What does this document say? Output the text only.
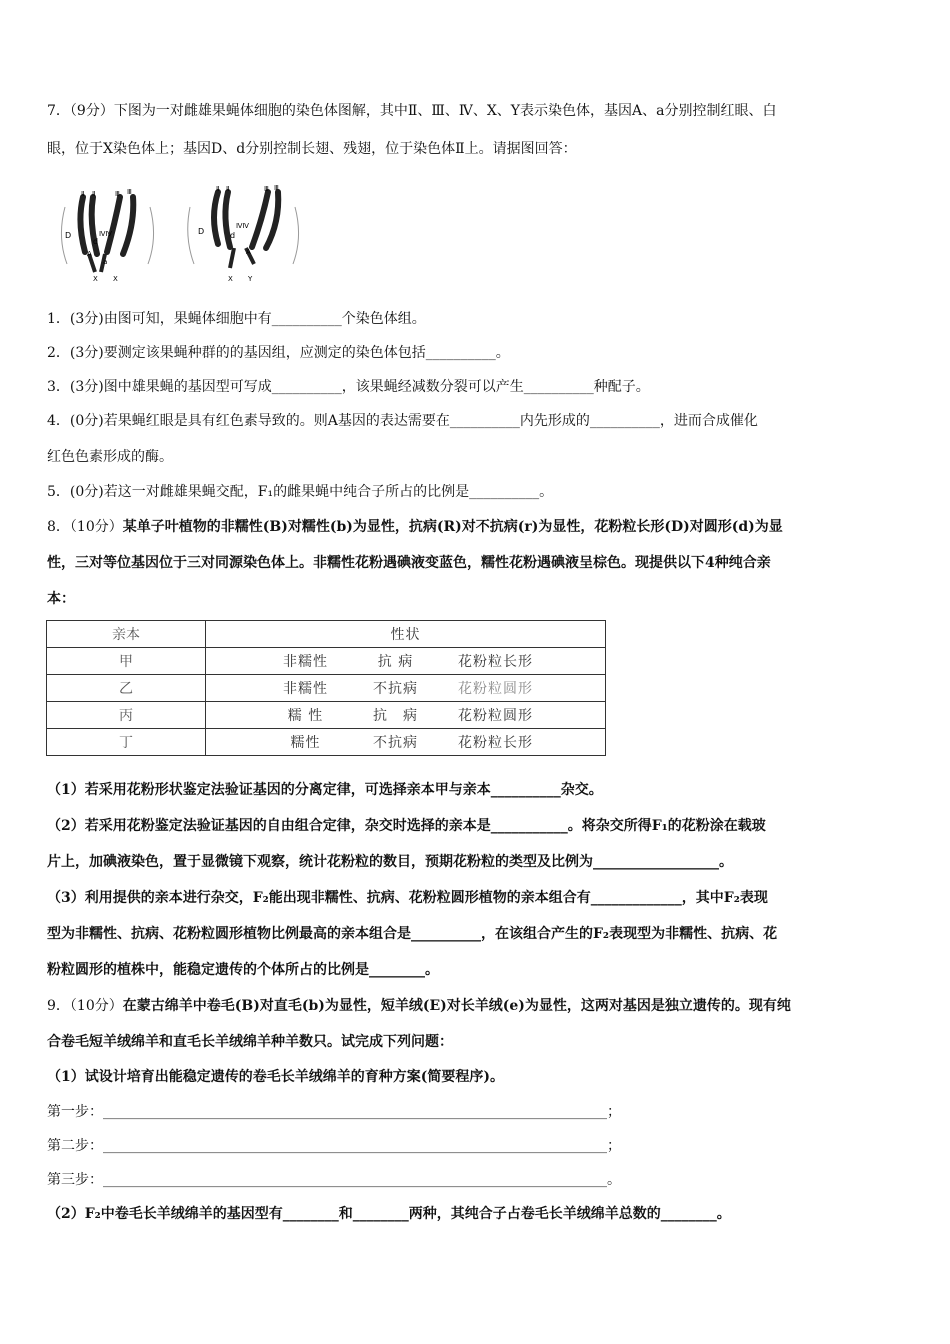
7．（9分）下图为一对雌雄果蝇体细胞的染色体图解，其中Ⅱ、Ⅲ、Ⅳ、X、Y表示染色体，基因A、a分别控制红眼、白
眼，位于X染色体上；基因D、d分别控制长翅、残翅，位于染色体Ⅱ上。请据图回答：
Ⅱ Ⅱ	Ⅲ Ⅲ
D
d
ⅣⅣ
A
a
X X
Ⅱ Ⅱ	Ⅲ Ⅲ
D	d
ⅣⅣ
A
X Y
1．(3分)由图可知，果蝇体细胞中有__________个染色体组。
2．(3分)要测定该果蝇种群的的基因组，应测定的染色体包括__________。
3．(3分)图中雄果蝇的基因型可写成__________，该果蝇经减数分裂可以产生__________种配子。
4．(0分)若果蝇红眼是具有红色素导致的。则A基因的表达需要在__________内先形成的__________，进而合成催化
红色色素形成的酶。
5．(0分)若这一对雌雄果蝇交配，F₁的雌果蝇中纯合子所占的比例是__________。
8．（10分）某单子叶植物的非糯性(B)对糯性(b)为显性，抗病(R)对不抗病(r)为显性，花粉粒长形(D)对圆形(d)为显
性，三对等位基因位于三对同源染色体上。非糯性花粉遇碘液变蓝色，糯性花粉遇碘液呈棕色。现提供以下4种纯合亲
本：
亲本	性状
甲	非糯性 抗 病 花粉粒长形
乙	非糯性 不抗病 花粉粒圆形
丙	糯 性 抗　病 花粉粒圆形
丁	糯性 不抗病 花粉粒长形
（1）若采用花粉形状鉴定法验证基因的分离定律，可选择亲本甲与亲本__________杂交。
（2）若采用花粉鉴定法验证基因的自由组合定律，杂交时选择的亲本是___________。将杂交所得F₁的花粉涂在载玻
片上，加碘液染色，置于显微镜下观察，统计花粉粒的数目，预期花粉粒的类型及比例为__________________。
（3）利用提供的亲本进行杂交，F₂能出现非糯性、抗病、花粉粒圆形植物的亲本组合有_____________，其中F₂表现
型为非糯性、抗病、花粉粒圆形植物比例最高的亲本组合是__________，在该组合产生的F₂表现型为非糯性、抗病、花
粉粒圆形的植株中，能稳定遗传的个体所占的比例是________。
9．（10分）在蒙古绵羊中卷毛(B)对直毛(b)为显性，短羊绒(E)对长羊绒(e)为显性，这两对基因是独立遗传的。现有纯
合卷毛短羊绒绵羊和直毛长羊绒绵羊种羊数只。试完成下列问题：
（1）试设计培育出能稳定遗传的卷毛长羊绒绵羊的育种方案(简要程序)。
第一步：________________________________________________________________________；
第二步：________________________________________________________________________；
第三步：________________________________________________________________________。
（2）F₂中卷毛长羊绒绵羊的基因型有________和________两种，其纯合子占卷毛长羊绒绵羊总数的________。
